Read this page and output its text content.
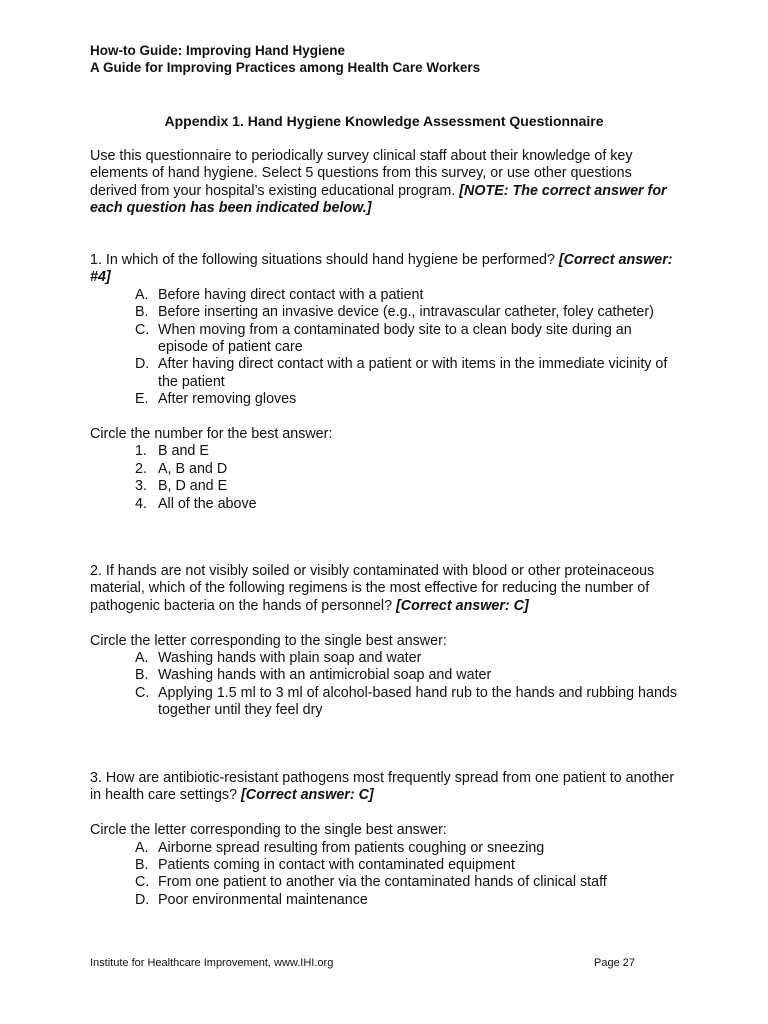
How-to Guide: Improving Hand Hygiene
A Guide for Improving Practices among Health Care Workers
Appendix 1. Hand Hygiene Knowledge Assessment Questionnaire

Use this questionnaire to periodically survey clinical staff about their knowledge of key elements of hand hygiene. Select 5 questions from this survey, or use other questions derived from your hospital’s existing educational program. [NOTE: The correct answer for each question has been indicated below.]

1. In which of the following situations should hand hygiene be performed? [Correct answer: #4]

A. Before having direct contact with a patient
B. Before inserting an invasive device (e.g., intravascular catheter, foley catheter)
C. When moving from a contaminated body site to a clean body site during an episode of patient care
D. After having direct contact with a patient or with items in the immediate vicinity of the patient
E. After removing gloves

Circle the number for the best answer:

1. B and E
2. A, B and D
3. B, D and E
4. All of the above

2. If hands are not visibly soiled or visibly contaminated with blood or other proteinaceous material, which of the following regimens is the most effective for reducing the number of pathogenic bacteria on the hands of personnel? [Correct answer: C]

Circle the letter corresponding to the single best answer:

A. Washing hands with plain soap and water
B. Washing hands with an antimicrobial soap and water
C. Applying 1.5 ml to 3 ml of alcohol-based hand rub to the hands and rubbing hands together until they feel dry

3. How are antibiotic-resistant pathogens most frequently spread from one patient to another in health care settings? [Correct answer: C]

Circle the letter corresponding to the single best answer:

A. Airborne spread resulting from patients coughing or sneezing
B. Patients coming in contact with contaminated equipment
C. From one patient to another via the contaminated hands of clinical staff
D. Poor environmental maintenance
Institute for Healthcare Improvement, www.IHI.org	Page 27
